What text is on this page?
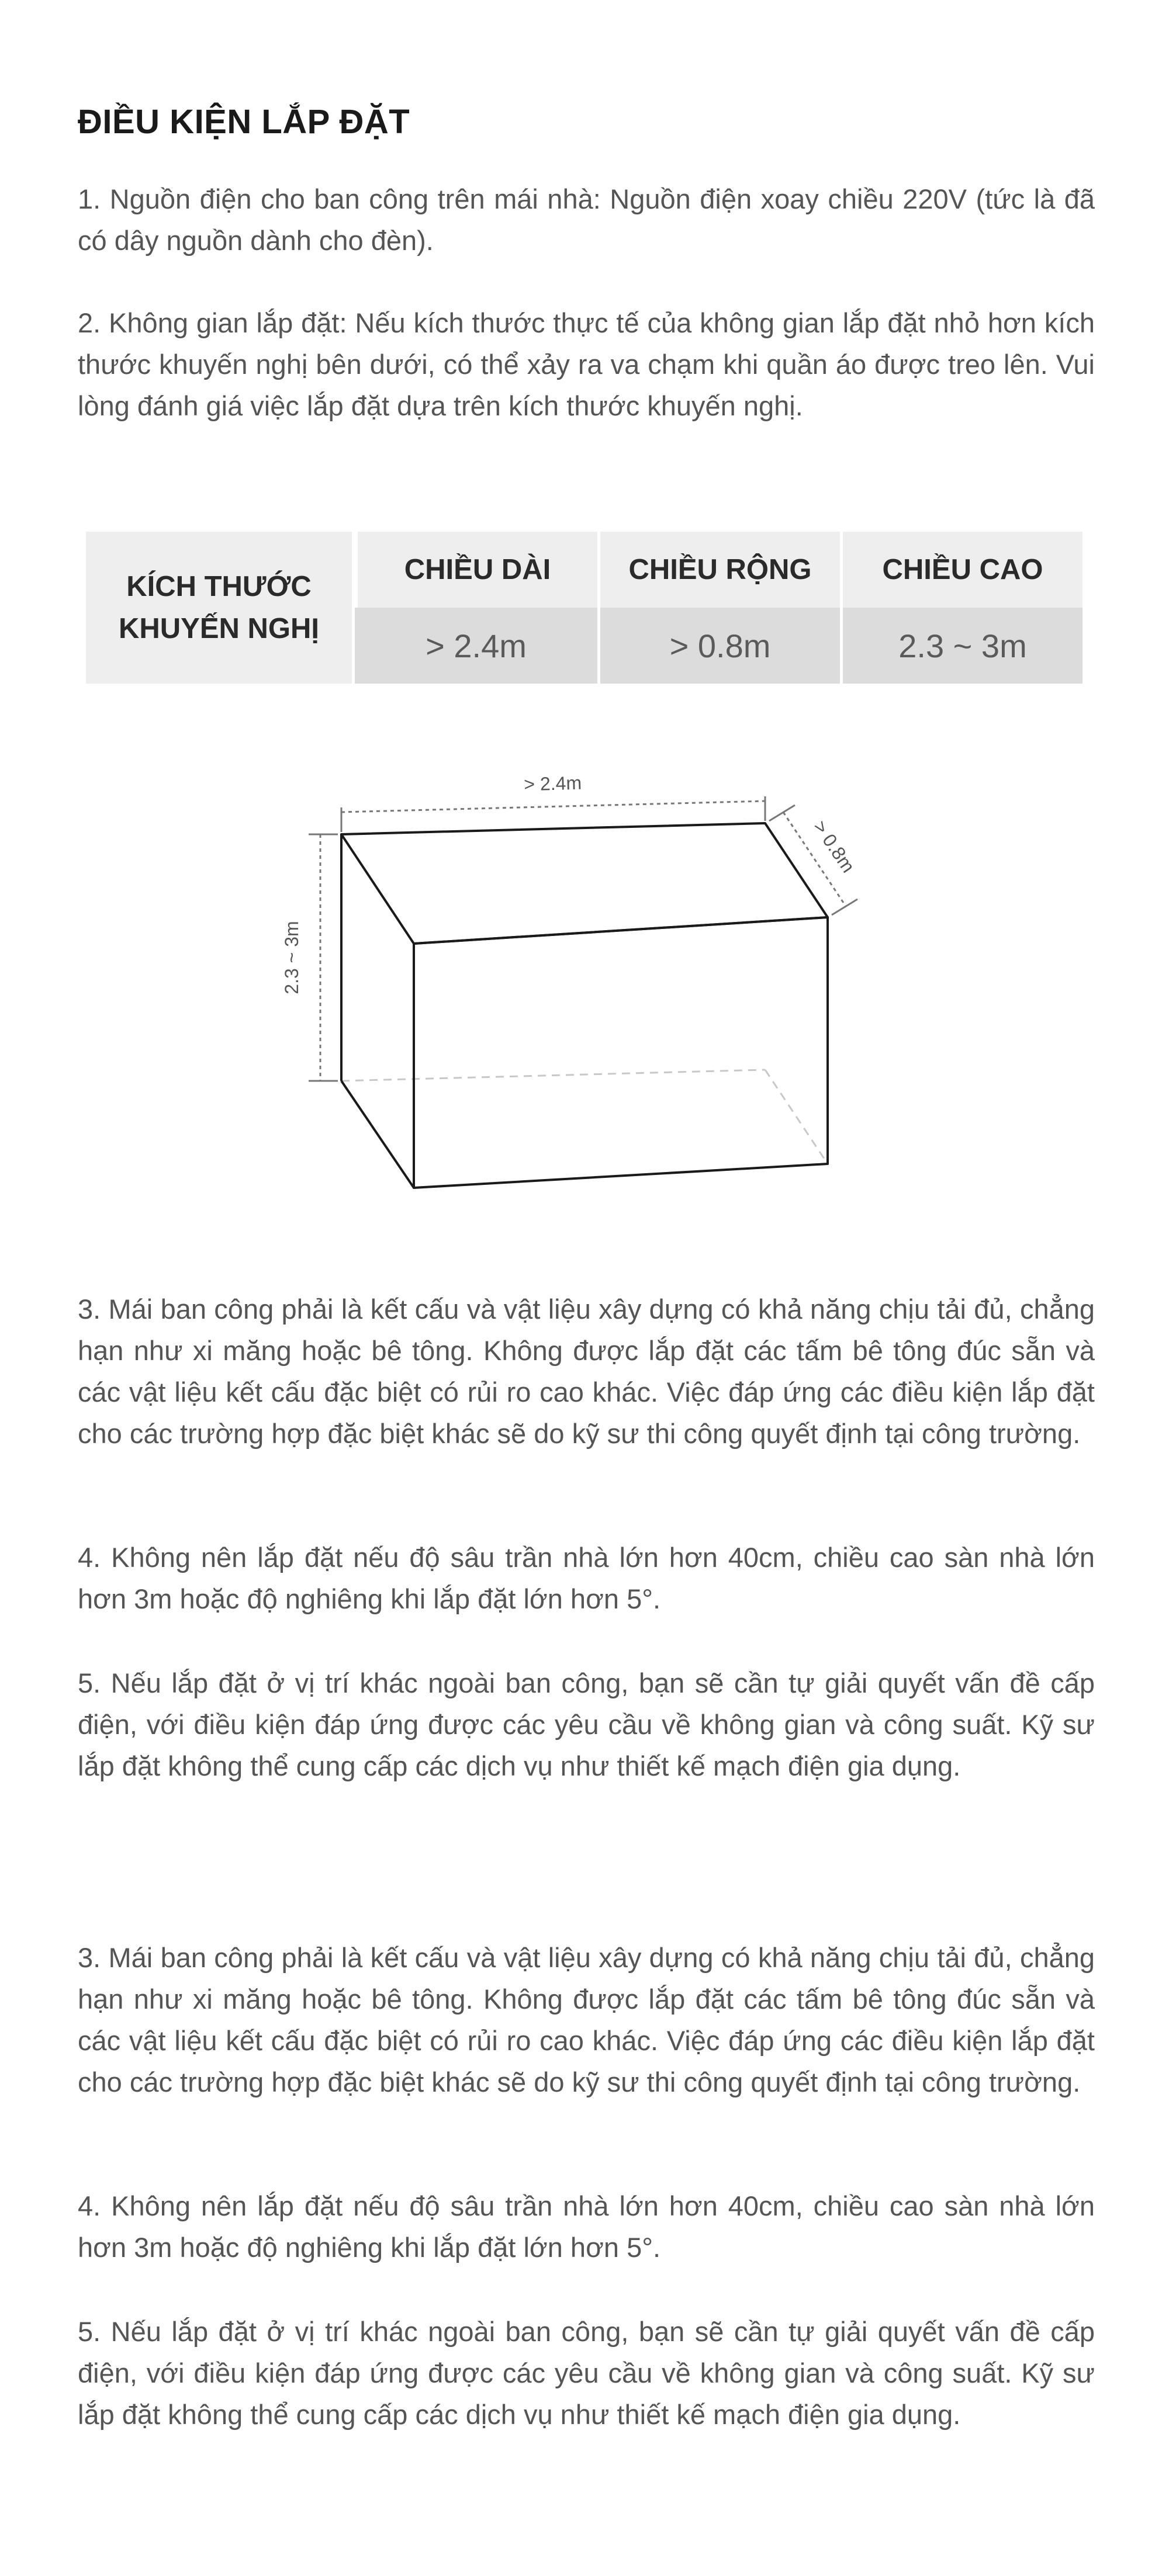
ĐIỀU KIỆN LẮP ĐẶT

1. Nguồn điện cho ban công trên mái nhà: Nguồn điện xoay chiều 220V (tức là đã có dây nguồn dành cho đèn).

2. Không gian lắp đặt: Nếu kích thước thực tế của không gian lắp đặt nhỏ hơn kích thước khuyến nghị bên dưới, có thể xảy ra va chạm khi quần áo được treo lên. Vui lòng đánh giá việc lắp đặt dựa trên kích thước khuyến nghị.

KÍCH THƯỚC KHUYẾN NGHỊ	CHIỀU DÀI	CHIỀU RỘNG	CHIỀU CAO
	> 2.4m	> 0.8m	2.3 ~ 3m
> 2.4m
> 0.8m
2.3 ~ 3m

3. Mái ban công phải là kết cấu và vật liệu xây dựng có khả năng chịu tải đủ, chẳng hạn như xi măng hoặc bê tông. Không được lắp đặt các tấm bê tông đúc sẵn và các vật liệu kết cấu đặc biệt có rủi ro cao khác. Việc đáp ứng các điều kiện lắp đặt cho các trường hợp đặc biệt khác sẽ do kỹ sư thi công quyết định tại công trường.

4. Không nên lắp đặt nếu độ sâu trần nhà lớn hơn 40cm, chiều cao sàn nhà lớn hơn 3m hoặc độ nghiêng khi lắp đặt lớn hơn 5°.

5. Nếu lắp đặt ở vị trí khác ngoài ban công, bạn sẽ cần tự giải quyết vấn đề cấp điện, với điều kiện đáp ứng được các yêu cầu về không gian và công suất. Kỹ sư lắp đặt không thể cung cấp các dịch vụ như thiết kế mạch điện gia dụng.

3. Mái ban công phải là kết cấu và vật liệu xây dựng có khả năng chịu tải đủ, chẳng hạn như xi măng hoặc bê tông. Không được lắp đặt các tấm bê tông đúc sẵn và các vật liệu kết cấu đặc biệt có rủi ro cao khác. Việc đáp ứng các điều kiện lắp đặt cho các trường hợp đặc biệt khác sẽ do kỹ sư thi công quyết định tại công trường.

4. Không nên lắp đặt nếu độ sâu trần nhà lớn hơn 40cm, chiều cao sàn nhà lớn hơn 3m hoặc độ nghiêng khi lắp đặt lớn hơn 5°.

5. Nếu lắp đặt ở vị trí khác ngoài ban công, bạn sẽ cần tự giải quyết vấn đề cấp điện, với điều kiện đáp ứng được các yêu cầu về không gian và công suất. Kỹ sư lắp đặt không thể cung cấp các dịch vụ như thiết kế mạch điện gia dụng.
